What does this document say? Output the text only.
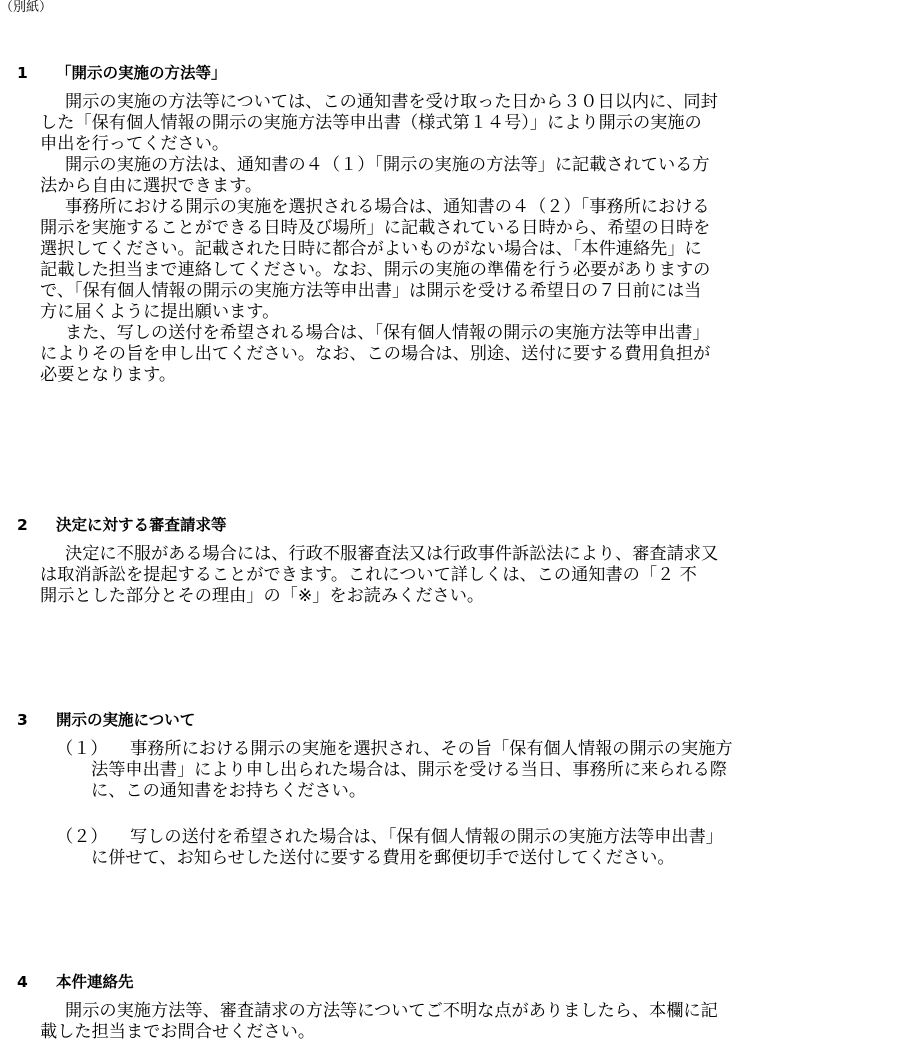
（別紙）
1 「開示の実施の方法等」

開示の実施の方法等については、この通知書を受け取った日から３０日以内に、同封
した「保有個人情報の開示の実施方法等申出書（様式第１４号）」により開示の実施の
申出を行ってください。

開示の実施の方法は、通知書の４（１）「開示の実施の方法等」に記載されている方
法から自由に選択できます。

事務所における開示の実施を選択される場合は、通知書の４（２）「事務所における
開示を実施することができる日時及び場所」に記載されている日時から、希望の日時を
選択してください。記載された日時に都合がよいものがない場合は、「本件連絡先」に
記載した担当まで連絡してください。なお、開示の実施の準備を行う必要がありますの
で、「保有個人情報の開示の実施方法等申出書」は開示を受ける希望日の７日前には当
方に届くように提出願います。

また、写しの送付を希望される場合は、「保有個人情報の開示の実施方法等申出書」
によりその旨を申し出てください。なお、この場合は、別途、送付に要する費用負担が
必要となります。

2 決定に対する審査請求等

決定に不服がある場合には、行政不服審査法又は行政事件訴訟法により、審査請求又
は取消訴訟を提起することができます。これについて詳しくは、この通知書の「２ 不
開示とした部分とその理由」の「※」をお読みください。

3 開示の実施について
（１）	事務所における開示の実施を選択され、その旨「保有個人情報の開示の実施方
法等申出書」により申し出られた場合は、開示を受ける当日、事務所に来られる際
に、この通知書をお持ちください。
（２）	写しの送付を希望された場合は、「保有個人情報の開示の実施方法等申出書」
に併せて、お知らせした送付に要する費用を郵便切手で送付してください。
4 本件連絡先

開示の実施方法等、審査請求の方法等についてご不明な点がありましたら、本欄に記
載した担当までお問合せください。
